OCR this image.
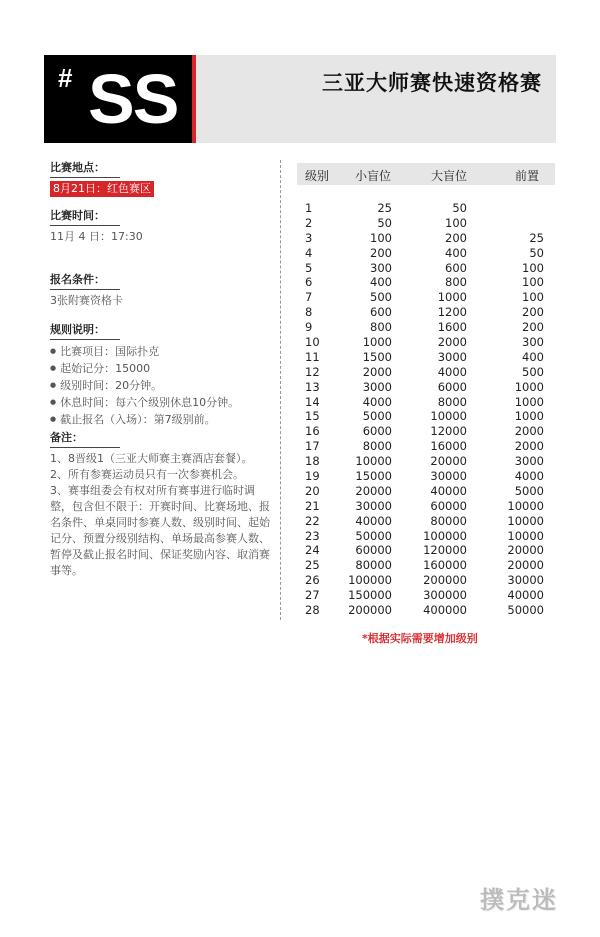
# SS	三亚大师赛快速资格赛
比赛地点：
8月21日：红色赛区
比赛时间：
11月 4 日：17:30
报名条件：
3张附赛资格卡
规则说明：
● 比赛项目：国际扑克
● 起始记分：15000
● 级别时间：20分钟。
● 休息时间：每六个级别休息10分钟。
● 截止报名（入场）：第7级别前。
备注：
1、8晋级1（三亚大师赛主赛酒店套餐）。
2、所有参赛运动员只有一次参赛机会。
3、赛事组委会有权对所有赛事进行临时调
整，包含但不限于：开赛时间、比赛场地、报
名条件、单桌同时参赛人数、级别时间、起始
记分、预置分级别结构、单场最高参赛人数、
暂停及截止报名时间、保证奖励内容、取消赛
事等。
级别 小盲位	大盲位	前置
1	25	50
2	50	100
3	100	200	25
4	200	400	50
5	300	600	100
6	400	800	100
7	500	1000	100
8	600	1200	200
9	800	1600	200
10	1000	2000	300
11	1500	3000	400
12	2000	4000	500
13	3000	6000	1000
14	4000	8000	1000
15	5000	10000	1000
16	6000	12000	2000
17	8000	16000	2000
18	10000	20000	3000
19	15000	30000	4000
20	20000	40000	5000
21	30000	60000	10000
22	40000	80000	10000
23	50000	100000	10000
24	60000	120000	20000
25	80000	160000	20000
26	100000	200000	30000
27	150000	300000	40000
28	200000	400000	50000
*根据实际需要增加级别
撲克迷
